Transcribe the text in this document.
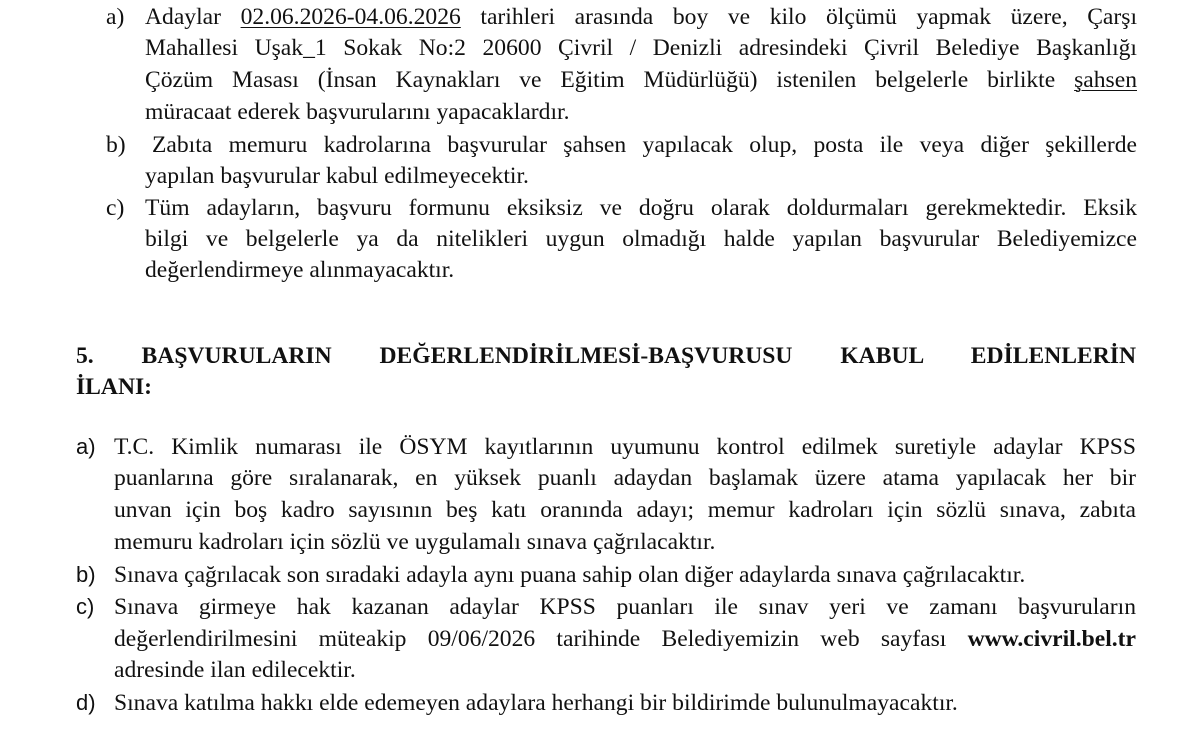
a) Adaylar 02.06.2026-04.06.2026 tarihleri arasında boy ve kilo ölçümü yapmak üzere, Çarşı
Mahallesi Uşak_1 Sokak No:2 20600 Çivril / Denizli adresindeki Çivril Belediye Başkanlığı
Çözüm Masası (İnsan Kaynakları ve Eğitim Müdürlüğü) istenilen belgelerle birlikte şahsen
müracaat ederek başvurularını yapacaklardır.
b) Zabıta memuru kadrolarına başvurular şahsen yapılacak olup, posta ile veya diğer şekillerde
yapılan başvurular kabul edilmeyecektir.
c) Tüm adayların, başvuru formunu eksiksiz ve doğru olarak doldurmaları gerekmektedir. Eksik
bilgi ve belgelerle ya da nitelikleri uygun olmadığı halde yapılan başvurular Belediyemizce
değerlendirmeye alınmayacaktır.
5. BAŞVURULARIN DEĞERLENDİRİLMESİ-BAŞVURUSU KABUL EDİLENLERİN
İLANI:
a) T.C. Kimlik numarası ile ÖSYM kayıtlarının uyumunu kontrol edilmek suretiyle adaylar KPSS
puanlarına göre sıralanarak, en yüksek puanlı adaydan başlamak üzere atama yapılacak her bir
unvan için boş kadro sayısının beş katı oranında adayı; memur kadroları için sözlü sınava, zabıta
memuru kadroları için sözlü ve uygulamalı sınava çağrılacaktır.
b) Sınava çağrılacak son sıradaki adayla aynı puana sahip olan diğer adaylarda sınava çağrılacaktır.
c) Sınava girmeye hak kazanan adaylar KPSS puanları ile sınav yeri ve zamanı başvuruların
değerlendirilmesini müteakip 09/06/2026 tarihinde Belediyemizin web sayfası www.civril.bel.tr
adresinde ilan edilecektir.
d) Sınava katılma hakkı elde edemeyen adaylara herhangi bir bildirimde bulunulmayacaktır.
